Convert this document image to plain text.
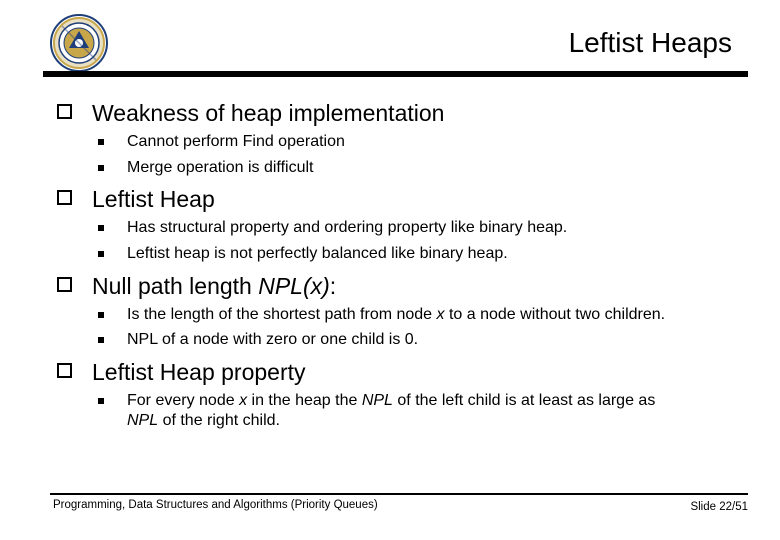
Leftist Heaps
Weakness of heap implementation
Cannot perform Find operation
Merge operation is difficult
Leftist Heap
Has structural property and ordering property like binary heap.
Leftist heap is not perfectly balanced like binary heap.
Null path length NPL(x):
Is the length of the shortest path from node x to a node without two children.
NPL of a node with zero or one child is 0.
Leftist Heap property
For every node x in the heap the NPL of the left child is at least as large as
NPL of the right child.
Programming, Data Structures and Algorithms (Priority Queues)	Slide 22/51
